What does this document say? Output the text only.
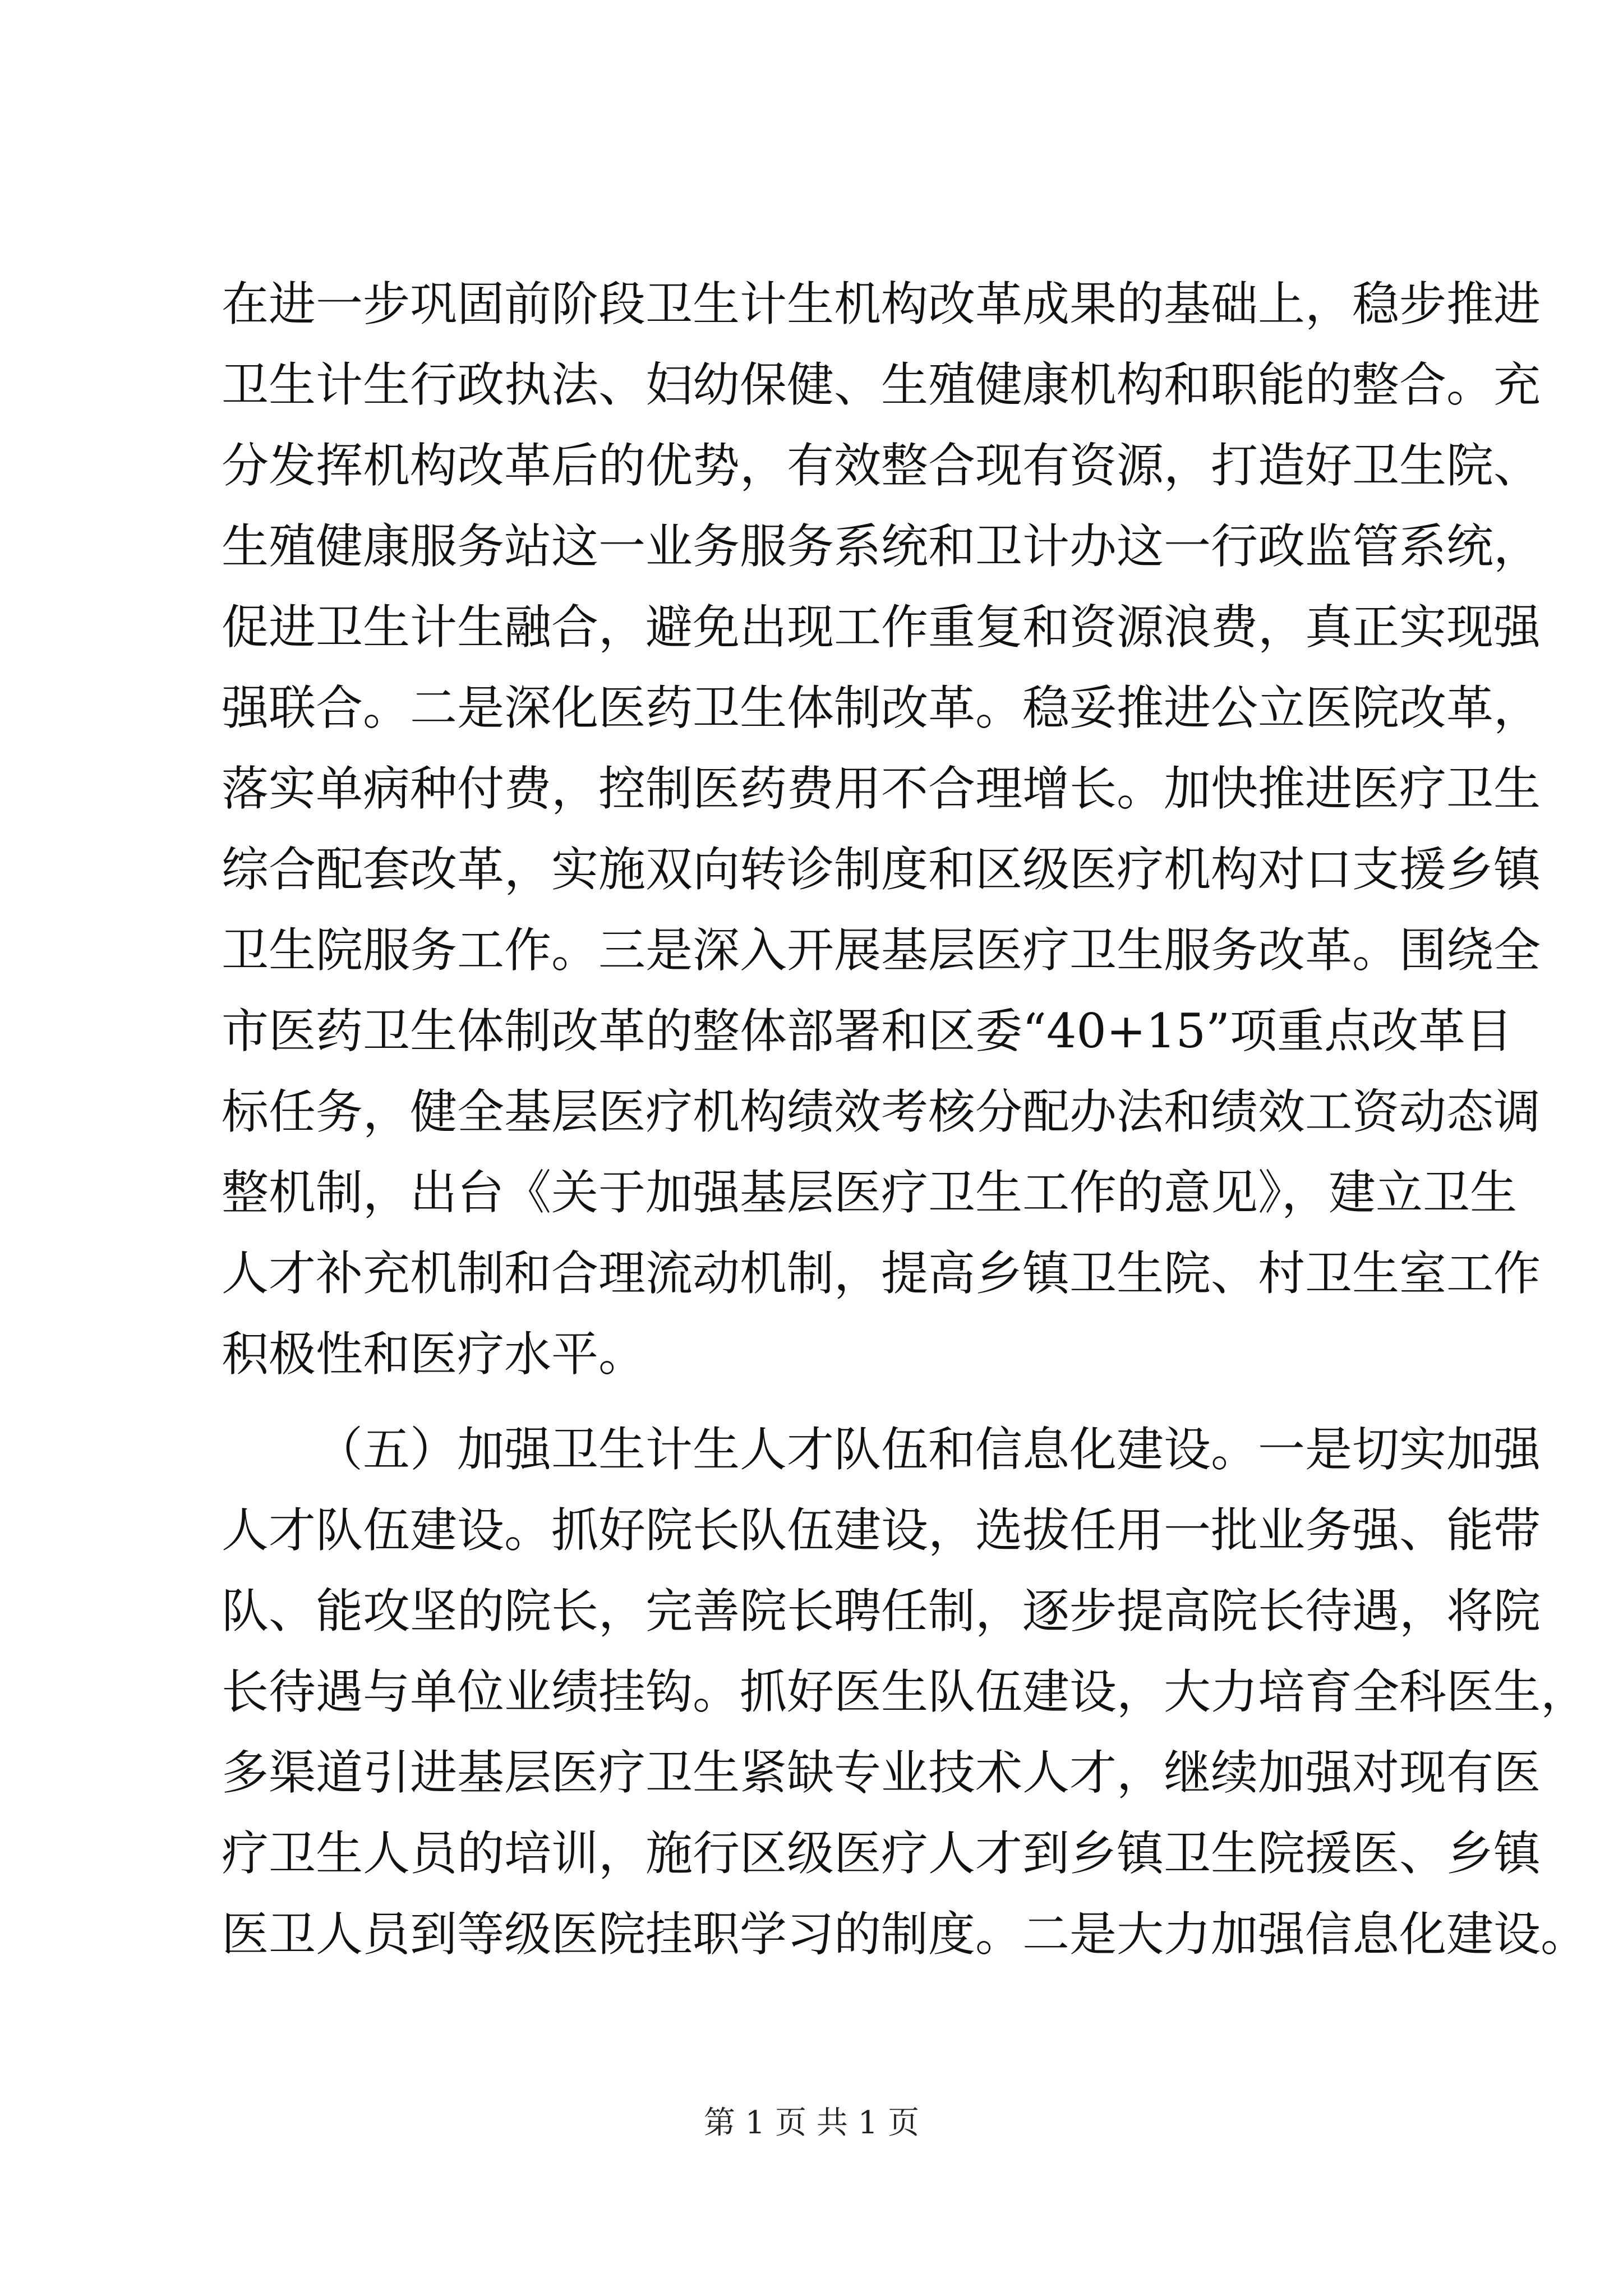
在进一步巩固前阶段卫生计生机构改革成果的基础上，稳步推进
卫生计生行政执法、妇幼保健、生殖健康机构和职能的整合。充
分发挥机构改革后的优势，有效整合现有资源，打造好卫生院、
生殖健康服务站这一业务服务系统和卫计办这一行政监管系统，
促进卫生计生融合，避免出现工作重复和资源浪费，真正实现强
强联合。二是深化医药卫生体制改革。稳妥推进公立医院改革，
落实单病种付费，控制医药费用不合理增长。加快推进医疗卫生
综合配套改革，实施双向转诊制度和区级医疗机构对口支援乡镇
卫生院服务工作。三是深入开展基层医疗卫生服务改革。围绕全
市医药卫生体制改革的整体部署和区委“40+15”项重点改革目
标任务，健全基层医疗机构绩效考核分配办法和绩效工资动态调
整机制，出台《关于加强基层医疗卫生工作的意见》，建立卫生
人才补充机制和合理流动机制，提高乡镇卫生院、村卫生室工作
积极性和医疗水平。
（五）加强卫生计生人才队伍和信息化建设。一是切实加强
人才队伍建设。抓好院长队伍建设，选拔任用一批业务强、能带
队、能攻坚的院长，完善院长聘任制，逐步提高院长待遇，将院
长待遇与单位业绩挂钩。抓好医生队伍建设，大力培育全科医生，
多渠道引进基层医疗卫生紧缺专业技术人才，继续加强对现有医
疗卫生人员的培训，施行区级医疗人才到乡镇卫生院援医、乡镇
医卫人员到等级医院挂职学习的制度。二是大力加强信息化建设。
第 1 页 共 1 页
